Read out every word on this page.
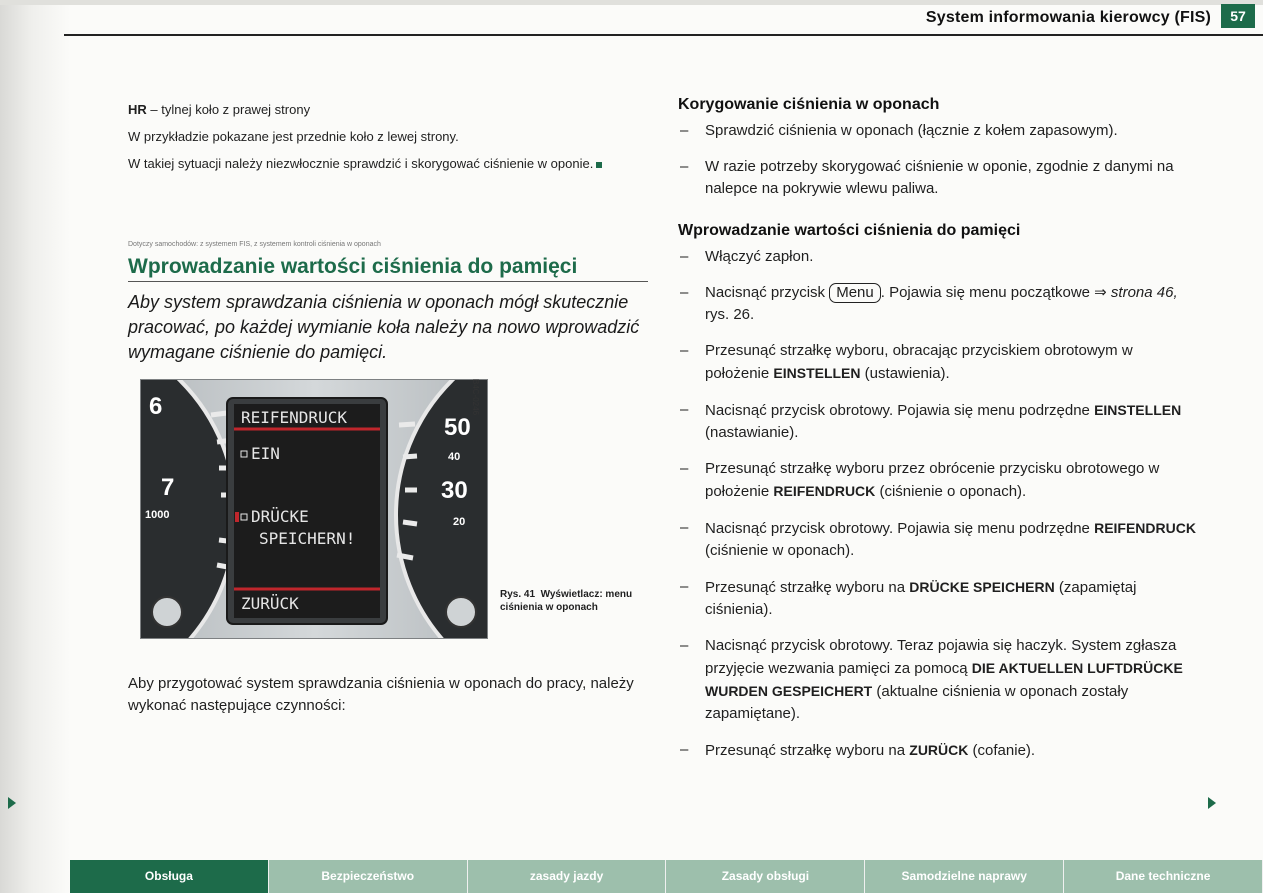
System informowania kierowcy (FIS)	57

HR – tylnej koło z prawej strony

W przykładzie pokazane jest przednie koło z lewej strony.

W takiej sytuacji należy niezwłocznie sprawdzić i skorygować ciśnienie w oponie.

Dotyczy samochodów: z systemem FIS, z systemem kontroli ciśnienia w oponach
Wprowadzanie wartości ciśnienia do pamięci

Aby system sprawdzania ciśnienia w oponach mógł skutecznie pracować, po każdej wymianie koła należy na nowo wprowadzić wymagane ciśnienie do pamięci.

6
7
1000
50
40
30
20
REIFENDRUCK
EIN
DRÜCKE
SPEICHERN!
ZURÜCK
B4C-0246
Rys. 41 Wyświetlacz: menu ciśnienia w oponach

Aby przygotować system sprawdzania ciśnienia w oponach do pracy, należy wykonać następujące czynności:

Korygowanie ciśnienia w oponach
– Sprawdzić ciśnienia w oponach (łącznie z kołem zapasowym).
– W razie potrzeby skorygować ciśnienie w oponie, zgodnie z danymi na nalepce na pokrywie wlewu paliwa.
Wprowadzanie wartości ciśnienia do pamięci
– Włączyć zapłon.
– Nacisnąć przycisk Menu . Pojawia się menu początkowe ⇒ strona 46, rys. 26.
– Przesunąć strzałkę wyboru, obracając przyciskiem obrotowym w położenie EINSTELLEN (ustawienia).
– Nacisnąć przycisk obrotowy. Pojawia się menu podrzędne EINSTELLEN (nastawianie).
– Przesunąć strzałkę wyboru przez obrócenie przycisku obrotowego w położenie REIFENDRUCK (ciśnienie o oponach).
– Nacisnąć przycisk obrotowy. Pojawia się menu podrzędne REIFENDRUCK (ciśnienie w oponach).
– Przesunąć strzałkę wyboru na DRÜCKE SPEICHERN (zapamiętaj ciśnienia).
– Nacisnąć przycisk obrotowy. Teraz pojawia się haczyk. System zgłasza przyjęcie wezwania pamięci za pomocą DIE AKTUELLEN LUFTDRÜCKE WURDEN GESPEICHERT (aktualne ciśnienia w oponach zostały zapamiętane).
– Przesunąć strzałkę wyboru na ZURÜCK (cofanie).
Obsługa	Bezpieczeństwo	zasady jazdy	Zasady obsługi	Samodzielne naprawy	Dane techniczne
